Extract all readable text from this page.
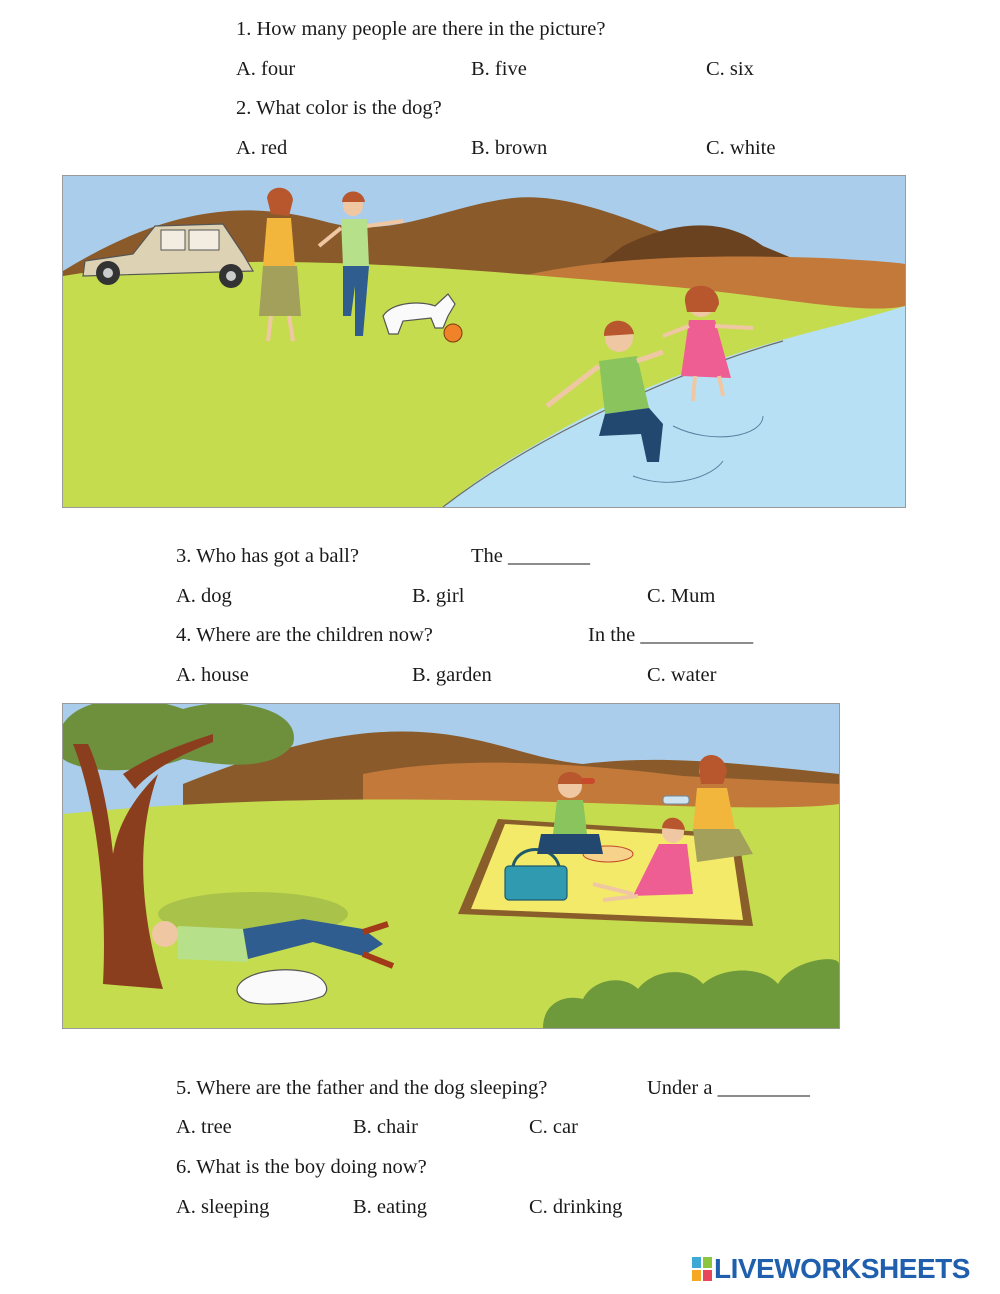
1. How many people are there in the picture?
A. four	B. five	C. six
2. What color is the dog?
A. red	B. brown	C. white
3. Who has got a ball?	The ________
A. dog	B. girl	C. Mum
4. Where are the children now?	In the ___________
A. house	B. garden	C. water
5. Where are the father and the dog sleeping?	Under a _________
A. tree	B. chair	C. car
6. What is the boy doing now?
A. sleeping	B. eating	C. drinking
LIVEWORKSHEETS
